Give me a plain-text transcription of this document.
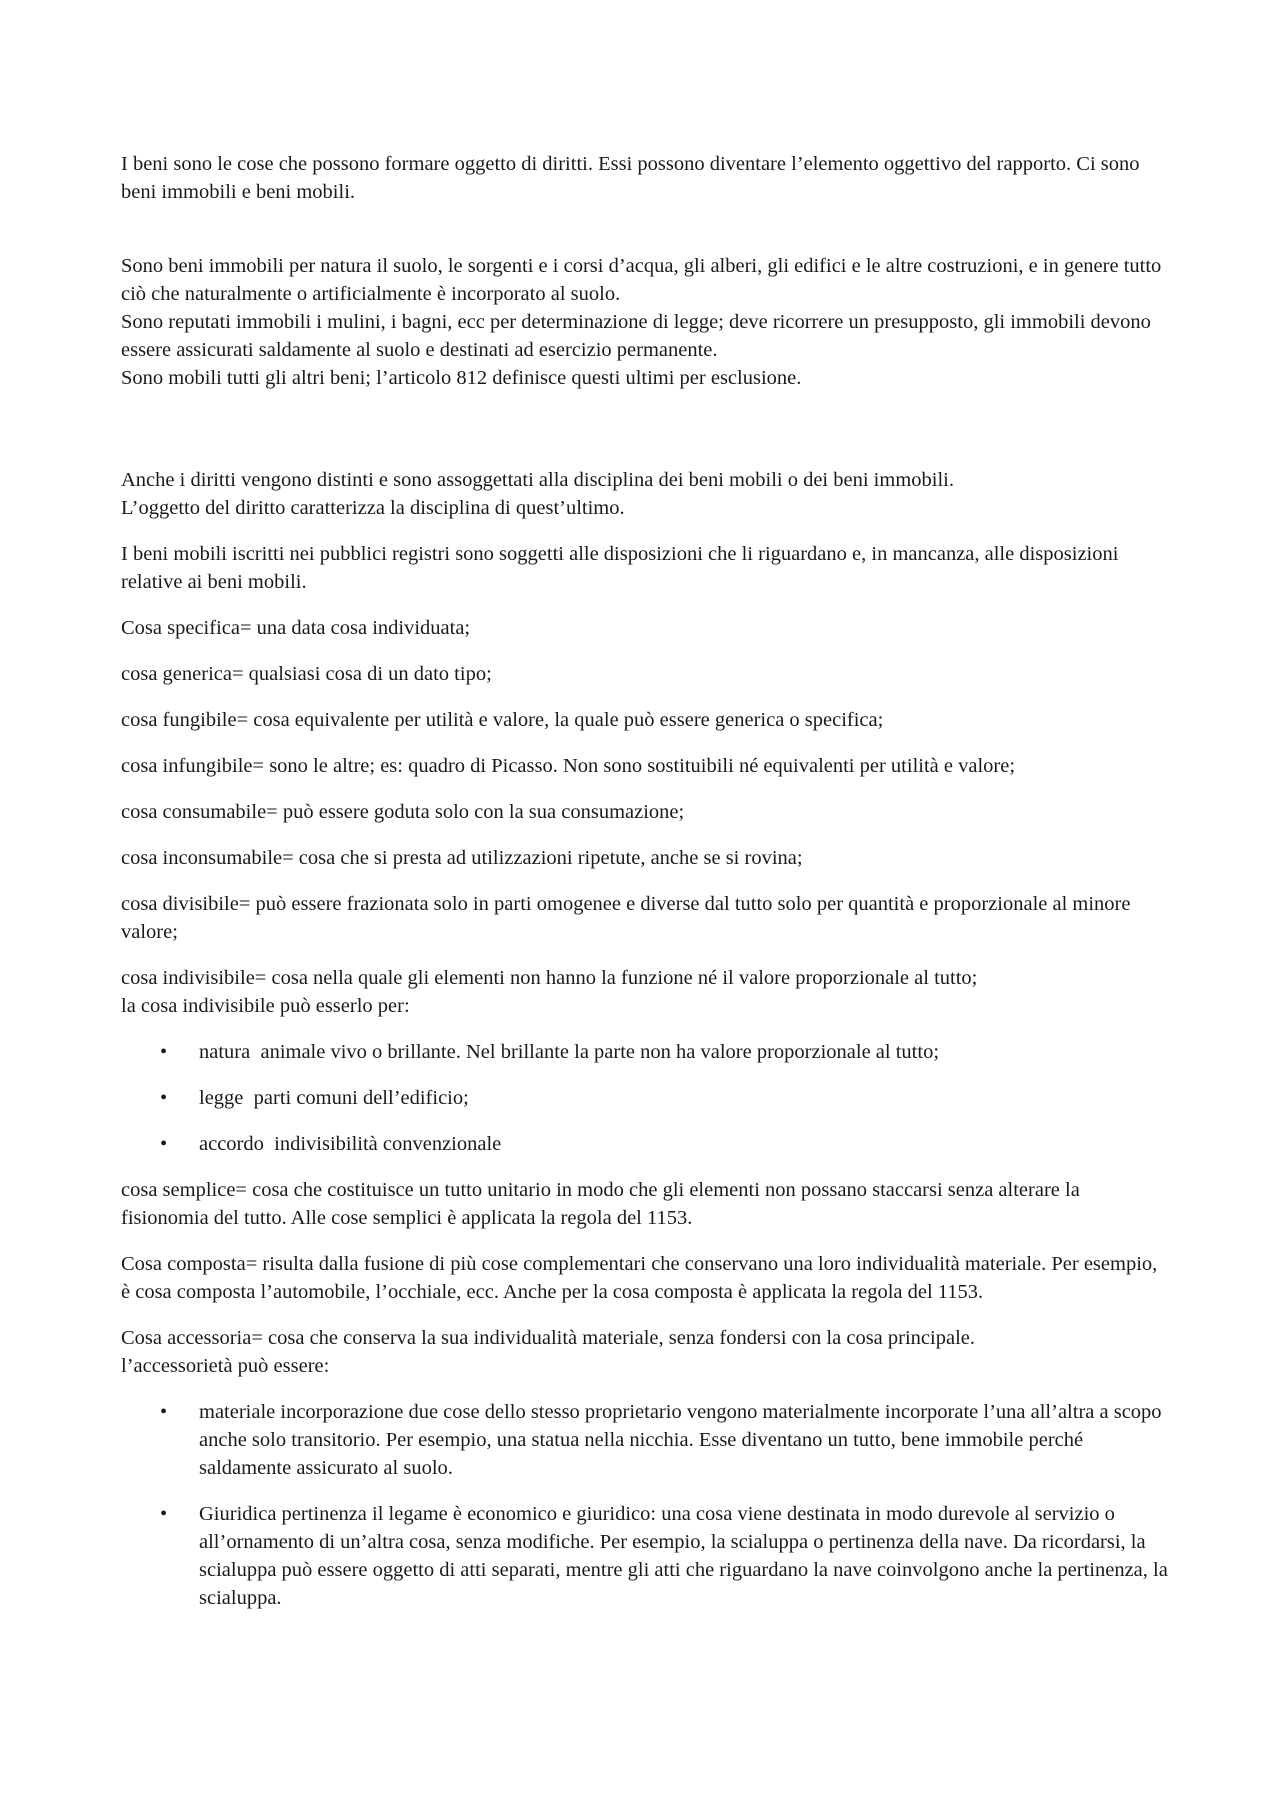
I beni sono le cose che possono formare oggetto di diritti. Essi possono diventare l’elemento oggettivo del rapporto. Ci sono beni immobili e beni mobili.

Sono beni immobili per natura il suolo, le sorgenti e i corsi d’acqua, gli alberi, gli edifici e le altre costruzioni, e in genere tutto ciò che naturalmente o artificialmente è incorporato al suolo.

Sono reputati immobili i mulini, i bagni, ecc per determinazione di legge; deve ricorrere un presupposto, gli immobili devono essere assicurati saldamente al suolo e destinati ad esercizio permanente.

Sono mobili tutti gli altri beni; l’articolo 812 definisce questi ultimi per esclusione.

Anche i diritti vengono distinti e sono assoggettati alla disciplina dei beni mobili o dei beni immobili.

L’oggetto del diritto caratterizza la disciplina di quest’ultimo.

I beni mobili iscritti nei pubblici registri sono soggetti alle disposizioni che li riguardano e, in mancanza, alle disposizioni relative ai beni mobili.

Cosa specifica= una data cosa individuata;

cosa generica= qualsiasi cosa di un dato tipo;

cosa fungibile= cosa equivalente per utilità e valore, la quale può essere generica o specifica;

cosa infungibile= sono le altre; es: quadro di Picasso. Non sono sostituibili né equivalenti per utilità e valore;

cosa consumabile= può essere goduta solo con la sua consumazione;

cosa inconsumabile= cosa che si presta ad utilizzazioni ripetute, anche se si rovina;

cosa divisibile= può essere frazionata solo in parti omogenee e diverse dal tutto solo per quantità e proporzionale al minore valore;

cosa indivisibile= cosa nella quale gli elementi non hanno la funzione né il valore proporzionale al tutto;

la cosa indivisibile può esserlo per:

• natura  animale vivo o brillante. Nel brillante la parte non ha valore proporzionale al tutto;
• legge  parti comuni dell’edificio;
• accordo  indivisibilità convenzionale

cosa semplice= cosa che costituisce un tutto unitario in modo che gli elementi non possano staccarsi senza alterare la fisionomia del tutto. Alle cose semplici è applicata la regola del 1153.

Cosa composta= risulta dalla fusione di più cose complementari che conservano una loro individualità materiale. Per esempio, è cosa composta l’automobile, l’occhiale, ecc. Anche per la cosa composta è applicata la regola del 1153.

Cosa accessoria= cosa che conserva la sua individualità materiale, senza fondersi con la cosa principale.

l’accessorietà può essere:

• materiale incorporazione due cose dello stesso proprietario vengono materialmente incorporate l’una all’altra a scopo anche solo transitorio. Per esempio, una statua nella nicchia. Esse diventano un tutto, bene immobile perché saldamente assicurato al suolo.
• Giuridica pertinenza il legame è economico e giuridico: una cosa viene destinata in modo durevole al servizio o all’ornamento di un’altra cosa, senza modifiche. Per esempio, la scialuppa o pertinenza della nave. Da ricordarsi, la scialuppa può essere oggetto di atti separati, mentre gli atti che riguardano la nave coinvolgono anche la pertinenza, la scialuppa.
